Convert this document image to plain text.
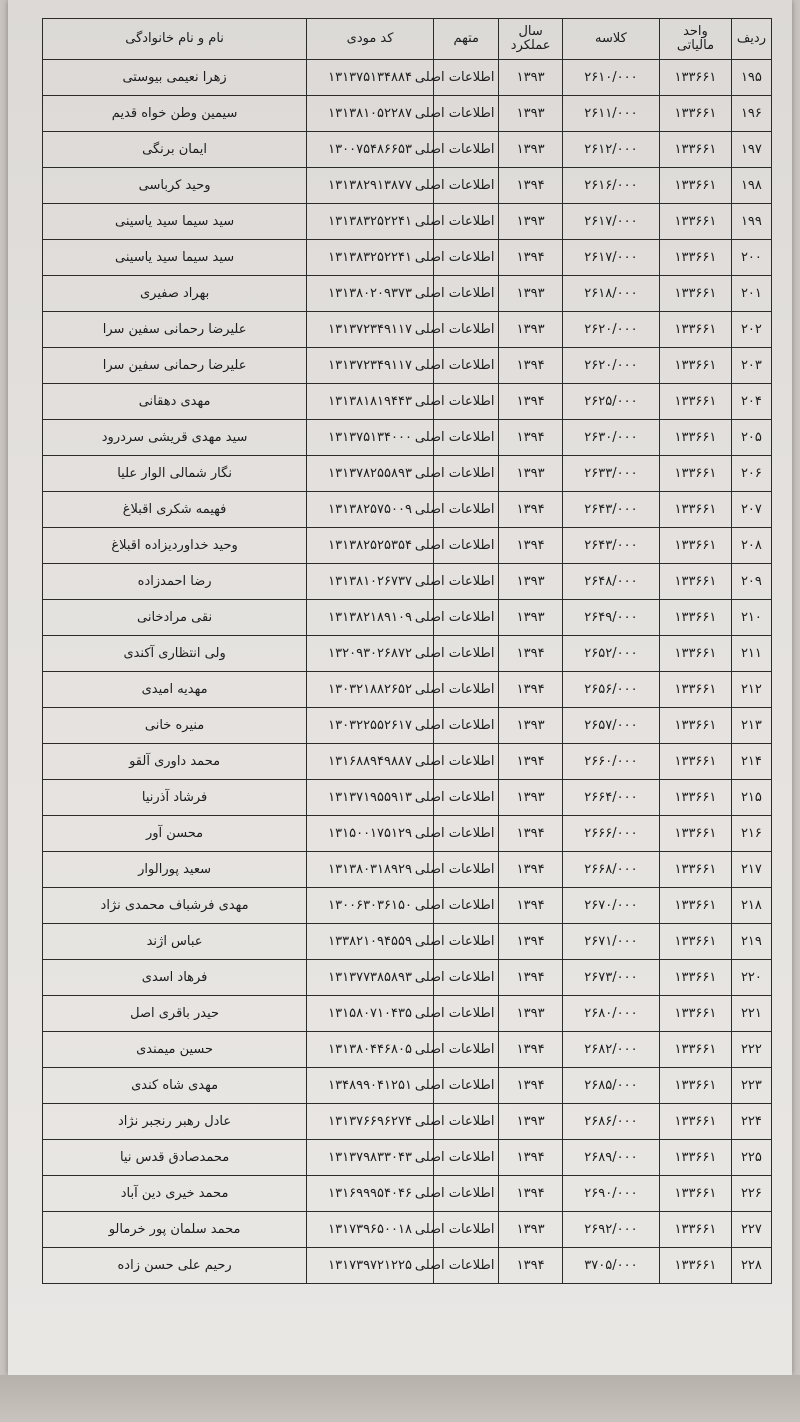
ردیف	واحد مالیاتی	کلاسه	سال عملکرد	متهم	کد مودی	نام و نام خانوادگی
۱۹۵	۱۳۳۶۶۱	۲۶۱۰/۰۰۰	۱۳۹۳	اطلاعات اصلی	۱۳۱۳۷۵۱۳۴۸۸۴	زهرا نعیمی بیوستی
۱۹۶	۱۳۳۶۶۱	۲۶۱۱/۰۰۰	۱۳۹۳	اطلاعات اصلی	۱۳۱۳۸۱۰۵۲۲۸۷	سیمین وطن خواه قدیم
۱۹۷	۱۳۳۶۶۱	۲۶۱۲/۰۰۰	۱۳۹۳	اطلاعات اصلی	۱۳۰۰۷۵۴۸۶۶۵۳	ایمان برنگی
۱۹۸	۱۳۳۶۶۱	۲۶۱۶/۰۰۰	۱۳۹۴	اطلاعات اصلی	۱۳۱۳۸۲۹۱۳۸۷۷	وحید کرباسی
۱۹۹	۱۳۳۶۶۱	۲۶۱۷/۰۰۰	۱۳۹۳	اطلاعات اصلی	۱۳۱۳۸۳۲۵۲۲۴۱	سید سیما سید یاسینی
۲۰۰	۱۳۳۶۶۱	۲۶۱۷/۰۰۰	۱۳۹۴	اطلاعات اصلی	۱۳۱۳۸۳۲۵۲۲۴۱	سید سیما سید یاسینی
۲۰۱	۱۳۳۶۶۱	۲۶۱۸/۰۰۰	۱۳۹۳	اطلاعات اصلی	۱۳۱۳۸۰۲۰۹۳۷۳	بهراد صفیری
۲۰۲	۱۳۳۶۶۱	۲۶۲۰/۰۰۰	۱۳۹۳	اطلاعات اصلی	۱۳۱۳۷۲۳۴۹۱۱۷	علیرضا رحمانی سفین سرا
۲۰۳	۱۳۳۶۶۱	۲۶۲۰/۰۰۰	۱۳۹۴	اطلاعات اصلی	۱۳۱۳۷۲۳۴۹۱۱۷	علیرضا رحمانی سفین سرا
۲۰۴	۱۳۳۶۶۱	۲۶۲۵/۰۰۰	۱۳۹۴	اطلاعات اصلی	۱۳۱۳۸۱۸۱۹۴۴۳	مهدی دهقانی
۲۰۵	۱۳۳۶۶۱	۲۶۳۰/۰۰۰	۱۳۹۴	اطلاعات اصلی	۱۳۱۳۷۵۱۳۴۰۰۰	سید مهدی قریشی سردرود
۲۰۶	۱۳۳۶۶۱	۲۶۳۳/۰۰۰	۱۳۹۳	اطلاعات اصلی	۱۳۱۳۷۸۲۵۵۸۹۳	نگار شمالی الوار علیا
۲۰۷	۱۳۳۶۶۱	۲۶۴۳/۰۰۰	۱۳۹۴	اطلاعات اصلی	۱۳۱۳۸۲۵۷۵۰۰۹	فهیمه شکری اقبلاغ
۲۰۸	۱۳۳۶۶۱	۲۶۴۳/۰۰۰	۱۳۹۴	اطلاعات اصلی	۱۳۱۳۸۲۵۲۵۳۵۴	وحید خداوردیزاده اقبلاغ
۲۰۹	۱۳۳۶۶۱	۲۶۴۸/۰۰۰	۱۳۹۳	اطلاعات اصلی	۱۳۱۳۸۱۰۲۶۷۳۷	رضا احمدزاده
۲۱۰	۱۳۳۶۶۱	۲۶۴۹/۰۰۰	۱۳۹۳	اطلاعات اصلی	۱۳۱۳۸۲۱۸۹۱۰۹	نقی مرادخانی
۲۱۱	۱۳۳۶۶۱	۲۶۵۲/۰۰۰	۱۳۹۴	اطلاعات اصلی	۱۳۲۰۹۳۰۲۶۸۷۲	ولی انتظاری آکندی
۲۱۲	۱۳۳۶۶۱	۲۶۵۶/۰۰۰	۱۳۹۴	اطلاعات اصلی	۱۳۰۳۲۱۸۸۲۶۵۲	مهدیه امیدی
۲۱۳	۱۳۳۶۶۱	۲۶۵۷/۰۰۰	۱۳۹۳	اطلاعات اصلی	۱۳۰۳۲۲۵۵۲۶۱۷	منیره خانی
۲۱۴	۱۳۳۶۶۱	۲۶۶۰/۰۰۰	۱۳۹۴	اطلاعات اصلی	۱۳۱۶۸۸۹۴۹۸۸۷	محمد داوری آلقو
۲۱۵	۱۳۳۶۶۱	۲۶۶۴/۰۰۰	۱۳۹۳	اطلاعات اصلی	۱۳۱۳۷۱۹۵۵۹۱۳	فرشاد آذرنیا
۲۱۶	۱۳۳۶۶۱	۲۶۶۶/۰۰۰	۱۳۹۴	اطلاعات اصلی	۱۳۱۵۰۰۱۷۵۱۲۹	محسن آور
۲۱۷	۱۳۳۶۶۱	۲۶۶۸/۰۰۰	۱۳۹۴	اطلاعات اصلی	۱۳۱۳۸۰۳۱۸۹۲۹	سعید پورالوار
۲۱۸	۱۳۳۶۶۱	۲۶۷۰/۰۰۰	۱۳۹۴	اطلاعات اصلی	۱۳۰۰۶۳۰۳۶۱۵۰	مهدی فرشباف محمدی نژاد
۲۱۹	۱۳۳۶۶۱	۲۶۷۱/۰۰۰	۱۳۹۴	اطلاعات اصلی	۱۳۳۸۲۱۰۹۴۵۵۹	عباس اژند
۲۲۰	۱۳۳۶۶۱	۲۶۷۳/۰۰۰	۱۳۹۴	اطلاعات اصلی	۱۳۱۳۷۷۳۸۵۸۹۳	فرهاد اسدی
۲۲۱	۱۳۳۶۶۱	۲۶۸۰/۰۰۰	۱۳۹۳	اطلاعات اصلی	۱۳۱۵۸۰۷۱۰۴۳۵	حیدر باقری اصل
۲۲۲	۱۳۳۶۶۱	۲۶۸۲/۰۰۰	۱۳۹۴	اطلاعات اصلی	۱۳۱۳۸۰۴۴۶۸۰۵	حسین میمندی
۲۲۳	۱۳۳۶۶۱	۲۶۸۵/۰۰۰	۱۳۹۴	اطلاعات اصلی	۱۳۴۸۹۹۰۴۱۲۵۱	مهدی شاه کندی
۲۲۴	۱۳۳۶۶۱	۲۶۸۶/۰۰۰	۱۳۹۳	اطلاعات اصلی	۱۳۱۳۷۶۶۹۶۲۷۴	عادل رهبر رنجبر نژاد
۲۲۵	۱۳۳۶۶۱	۲۶۸۹/۰۰۰	۱۳۹۴	اطلاعات اصلی	۱۳۱۳۷۹۸۳۳۰۴۳	محمدصادق قدس نیا
۲۲۶	۱۳۳۶۶۱	۲۶۹۰/۰۰۰	۱۳۹۴	اطلاعات اصلی	۱۳۱۶۹۹۹۵۴۰۴۶	محمد خیری دین آباد
۲۲۷	۱۳۳۶۶۱	۲۶۹۲/۰۰۰	۱۳۹۳	اطلاعات اصلی	۱۳۱۷۳۹۶۵۰۰۱۸	محمد سلمان پور خرمالو
۲۲۸	۱۳۳۶۶۱	۳۷۰۵/۰۰۰	۱۳۹۴	اطلاعات اصلی	۱۳۱۷۳۹۷۲۱۲۲۵	رحیم علی حسن زاده
